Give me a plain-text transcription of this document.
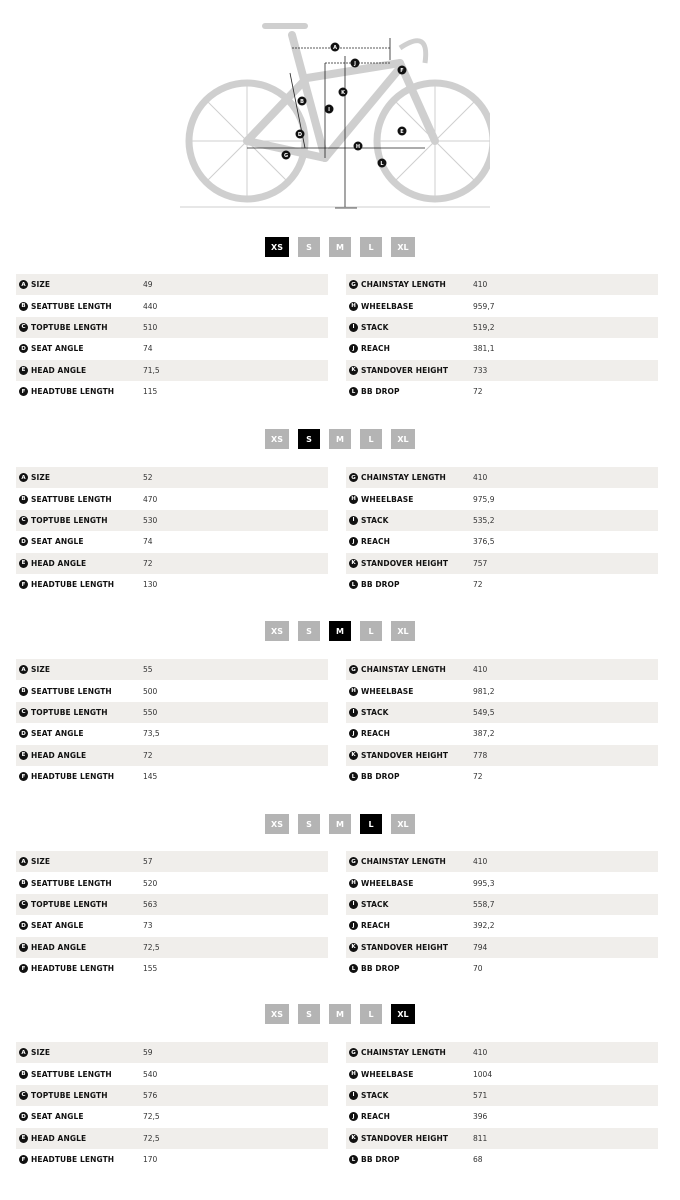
A
B
J
D
F
E
G
H
I
K
L
XS	S	M	L	XL
A SIZE	49
B SEATTUBE LENGTH	440
C TOPTUBE LENGTH	510
D SEAT ANGLE	74
E HEAD ANGLE	71,5
F HEADTUBE LENGTH	115
G CHAINSTAY LENGTH	410
H WHEELBASE	959,7
I STACK	519,2
J REACH	381,1
K STANDOVER HEIGHT	733
L BB DROP	72
XS	S	M	L	XL
A SIZE	52
B SEATTUBE LENGTH	470
C TOPTUBE LENGTH	530
D SEAT ANGLE	74
E HEAD ANGLE	72
F HEADTUBE LENGTH	130
G CHAINSTAY LENGTH	410
H WHEELBASE	975,9
I STACK	535,2
J REACH	376,5
K STANDOVER HEIGHT	757
L BB DROP	72
XS	S	M	L	XL
A SIZE	55
B SEATTUBE LENGTH	500
C TOPTUBE LENGTH	550
D SEAT ANGLE	73,5
E HEAD ANGLE	72
F HEADTUBE LENGTH	145
G CHAINSTAY LENGTH	410
H WHEELBASE	981,2
I STACK	549,5
J REACH	387,2
K STANDOVER HEIGHT	778
L BB DROP	72
XS	S	M	L	XL
A SIZE	57
B SEATTUBE LENGTH	520
C TOPTUBE LENGTH	563
D SEAT ANGLE	73
E HEAD ANGLE	72,5
F HEADTUBE LENGTH	155
G CHAINSTAY LENGTH	410
H WHEELBASE	995,3
I STACK	558,7
J REACH	392,2
K STANDOVER HEIGHT	794
L BB DROP	70
XS	S	M	L	XL
A SIZE	59
B SEATTUBE LENGTH	540
C TOPTUBE LENGTH	576
D SEAT ANGLE	72,5
E HEAD ANGLE	72,5
F HEADTUBE LENGTH	170
G CHAINSTAY LENGTH	410
H WHEELBASE	1004
I STACK	571
J REACH	396
K STANDOVER HEIGHT	811
L BB DROP	68
